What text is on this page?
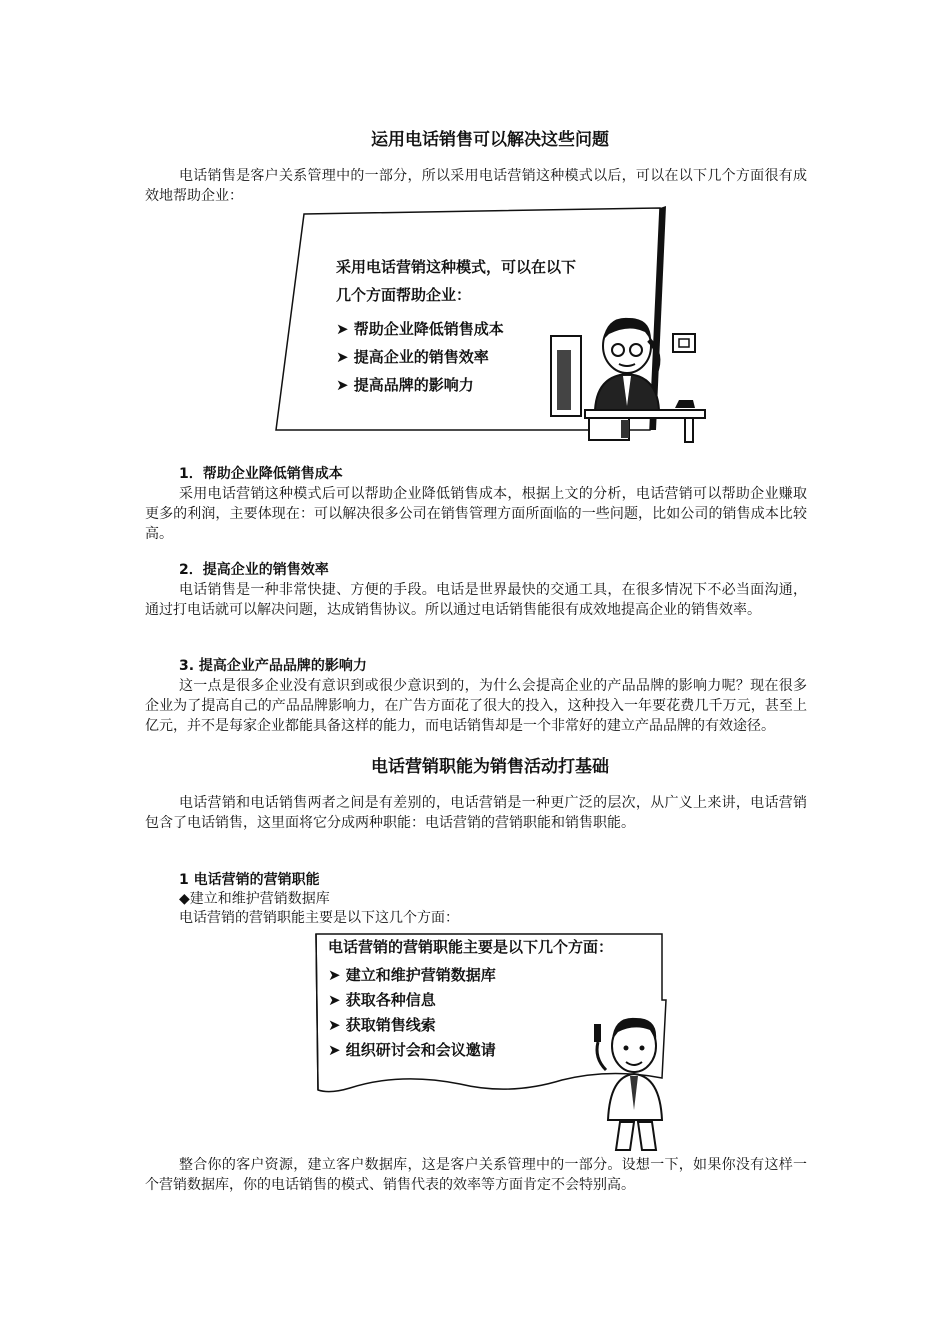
运用电话销售可以解决这些问题

电话销售是客户关系管理中的一部分，所以采用电话营销这种模式以后，可以在以下几个方面很有成效地帮助企业：

采用电话营销这种模式，可以在以下
几个方面帮助企业：
➤ 帮助企业降低销售成本
➤ 提高企业的销售效率
➤ 提高品牌的影响力
1．帮助企业降低销售成本

采用电话营销这种模式后可以帮助企业降低销售成本，根据上文的分析，电话营销可以帮助企业赚取更多的利润，主要体现在：可以解决很多公司在销售管理方面所面临的一些问题，比如公司的销售成本比较高。

2．提高企业的销售效率

电话销售是一种非常快捷、方便的手段。电话是世界最快的交通工具，在很多情况下不必当面沟通，通过打电话就可以解决问题，达成销售协议。所以通过电话销售能很有成效地提高企业的销售效率。

3. 提高企业产品品牌的影响力

这一点是很多企业没有意识到或很少意识到的，为什么会提高企业的产品品牌的影响力呢？现在很多企业为了提高自己的产品品牌影响力，在广告方面花了很大的投入，这种投入一年要花费几千万元，甚至上亿元，并不是每家企业都能具备这样的能力，而电话销售却是一个非常好的建立产品品牌的有效途径。

电话营销职能为销售活动打基础

电话营销和电话销售两者之间是有差别的，电话营销是一种更广泛的层次，从广义上来讲，电话营销包含了电话销售，这里面将它分成两种职能：电话营销的营销职能和销售职能。

1 电话营销的营销职能

◆建立和维护营销数据库

电话营销的营销职能主要是以下这几个方面：

电话营销的营销职能主要是以下几个方面：
➤ 建立和维护营销数据库
➤ 获取各种信息
➤ 获取销售线索
➤ 组织研讨会和会议邀请

整合你的客户资源，建立客户数据库，这是客户关系管理中的一部分。设想一下，如果你没有这样一个营销数据库，你的电话销售的模式、销售代表的效率等方面肯定不会特别高。
